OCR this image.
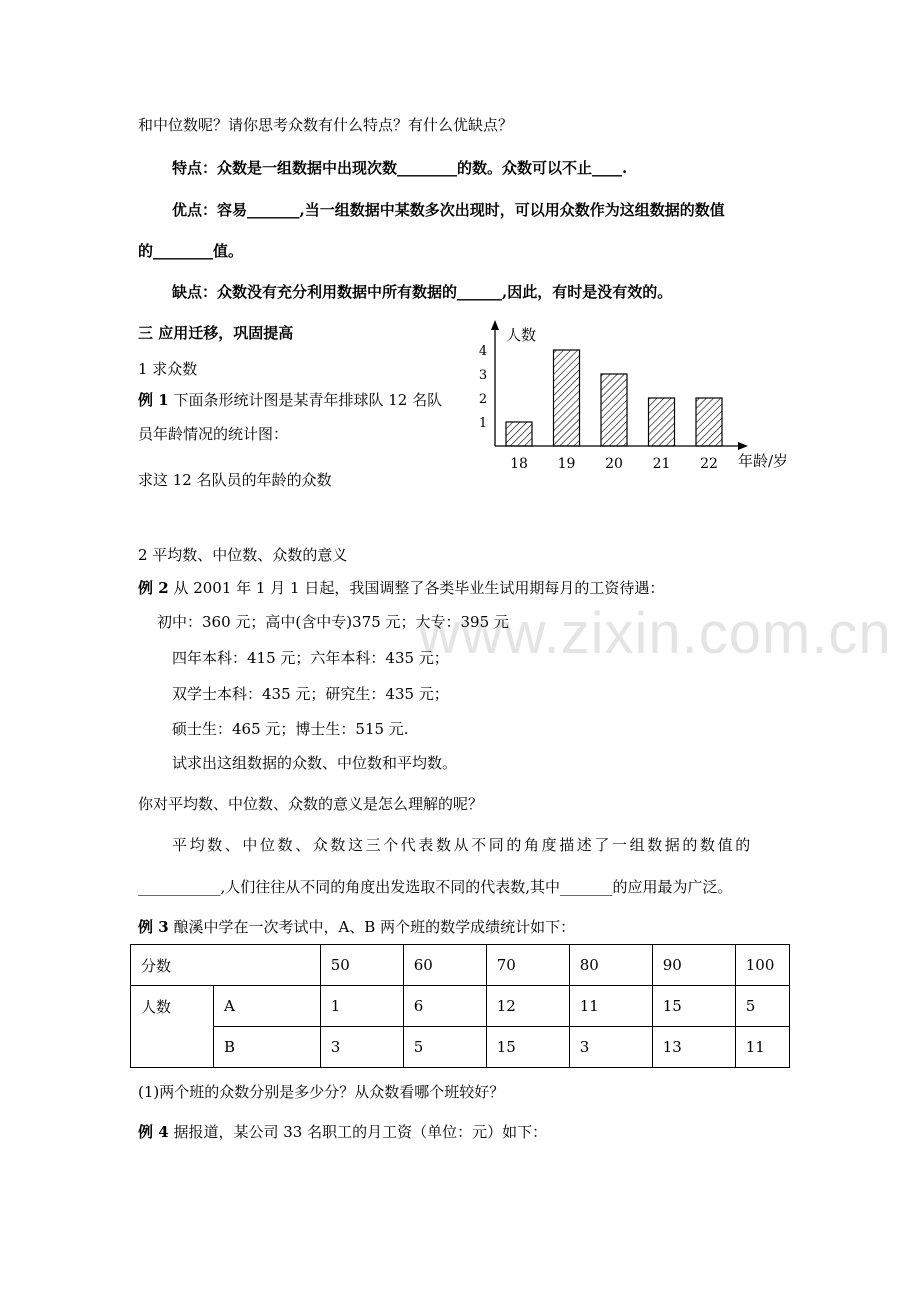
www.zixin.com.cn
和中位数呢？请你思考众数有什么特点？有什么优缺点？
特点：众数是一组数据中出现次数________的数。众数可以不止____.
优点：容易_______,当一组数据中某数多次出现时，可以用众数作为这组数据的数值
的________值。
缺点：众数没有充分利用数据中所有数据的______,因此，有时是没有效的。
三 应用迁移，巩固提高
1 求众数
例 1 下面条形统计图是某青年排球队 12 名队
员年龄情况的统计图：
求这 12 名队员的年龄的众数
人数
年龄/岁
18 19 20 21 22
1
2
3
4
2 平均数、中位数、众数的意义
例 2 从 2001 年 1 月 1 日起，我国调整了各类毕业生试用期每月的工资待遇：
初中：360 元；高中(含中专)375 元；大专：395 元
四年本科：415 元；六年本科：435 元；
双学士本科：435 元；研究生：435 元；
硕士生：465 元；博士生：515 元.
试求出这组数据的众数、中位数和平均数。
你对平均数、中位数、众数的意义是怎么理解的呢？
平均数、中位数、众数这三个代表数从不同的角度描述了一组数据的数值的
___________,人们往往从不同的角度出发选取不同的代表数,其中_______的应用最为广泛。
例 3 酿溪中学在一次考试中，A、B 两个班的数学成绩统计如下：
分数		50	60	70	80	90	100
人数	A	1	6	12	11	15	5
	B	3	5	15	3	13	11
(1)两个班的众数分别是多少分？从众数看哪个班较好？
例 4 据报道，某公司 33 名职工的月工资（单位：元）如下：
